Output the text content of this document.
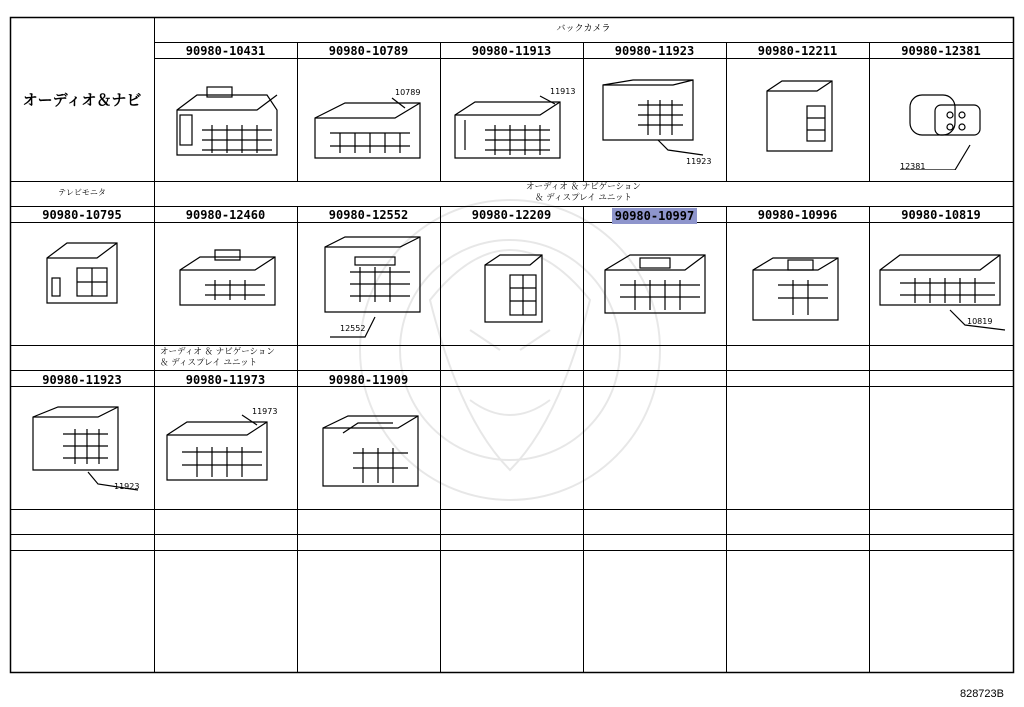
オーディオ＆ナビ
バックカメラ
90980-10431	90980-10789	90980-11913	90980-11923	90980-12211	90980-12381
10789	11913
11923
12381
テレビモニタ
オーディオ ＆ ナビゲーション
＆ ディスプレイ ユニット
90980-10795	90980-12460	90980-12552	90980-12209	90980-10997	90980-10996	90980-10819
12552
10819
オーディオ ＆ ナビゲーション
＆ ディスプレイ ユニット
90980-11923	90980-11973	90980-11909
11923
11973
828723B
